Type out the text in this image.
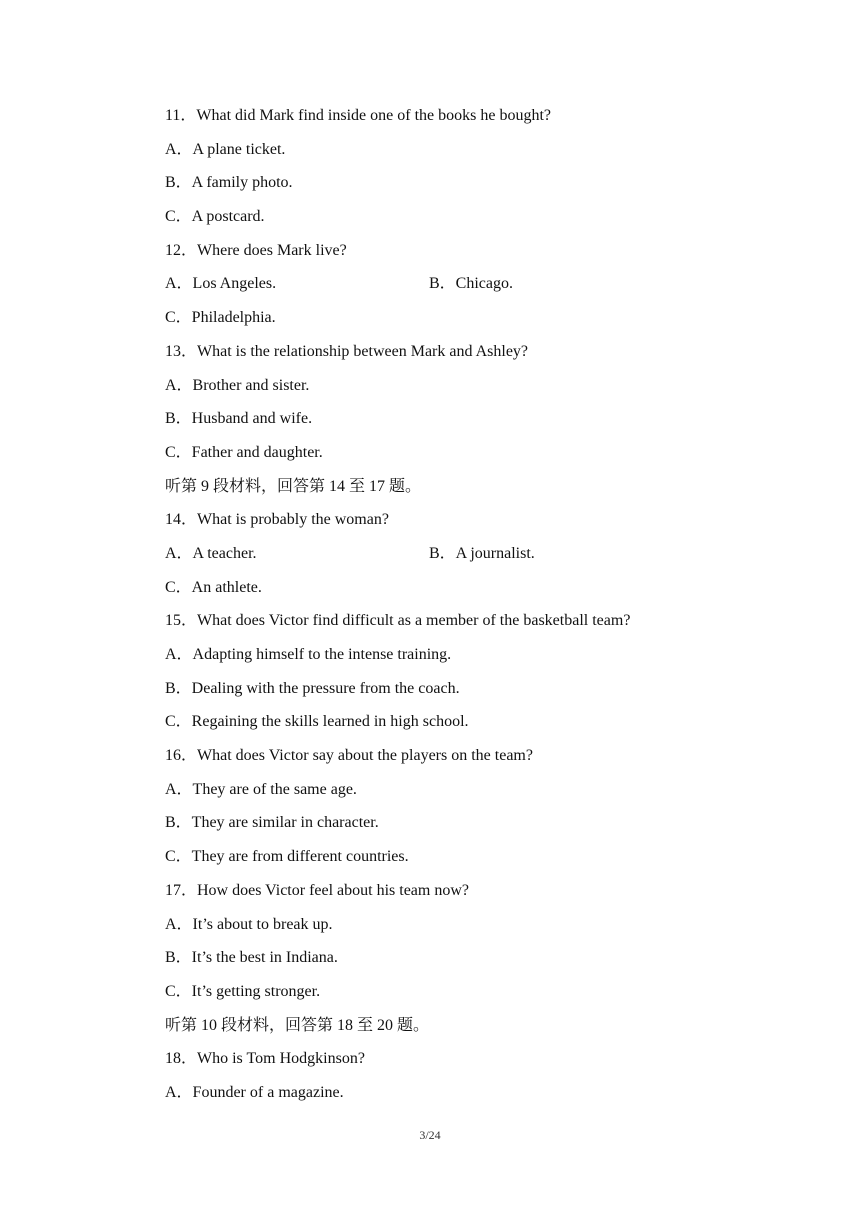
11．What did Mark find inside one of the books he bought?
A．A plane ticket.
B．A family photo.
C．A postcard.
12．Where does Mark live?
A．Los Angeles.	B．Chicago.
C．Philadelphia.
13．What is the relationship between Mark and Ashley?
A．Brother and sister.
B．Husband and wife.
C．Father and daughter.
听第 9 段材料，回答第 14 至 17 题。
14．What is probably the woman?
A．A teacher.	B．A journalist.
C．An athlete.
15．What does Victor find difficult as a member of the basketball team?
A．Adapting himself to the intense training.
B．Dealing with the pressure from the coach.
C．Regaining the skills learned in high school.
16．What does Victor say about the players on the team?
A．They are of the same age.
B．They are similar in character.
C．They are from different countries.
17．How does Victor feel about his team now?
A．It’s about to break up.
B．It’s the best in Indiana.
C．It’s getting stronger.
听第 10 段材料，回答第 18 至 20 题。
18．Who is Tom Hodgkinson?
A．Founder of a magazine.
3/24
